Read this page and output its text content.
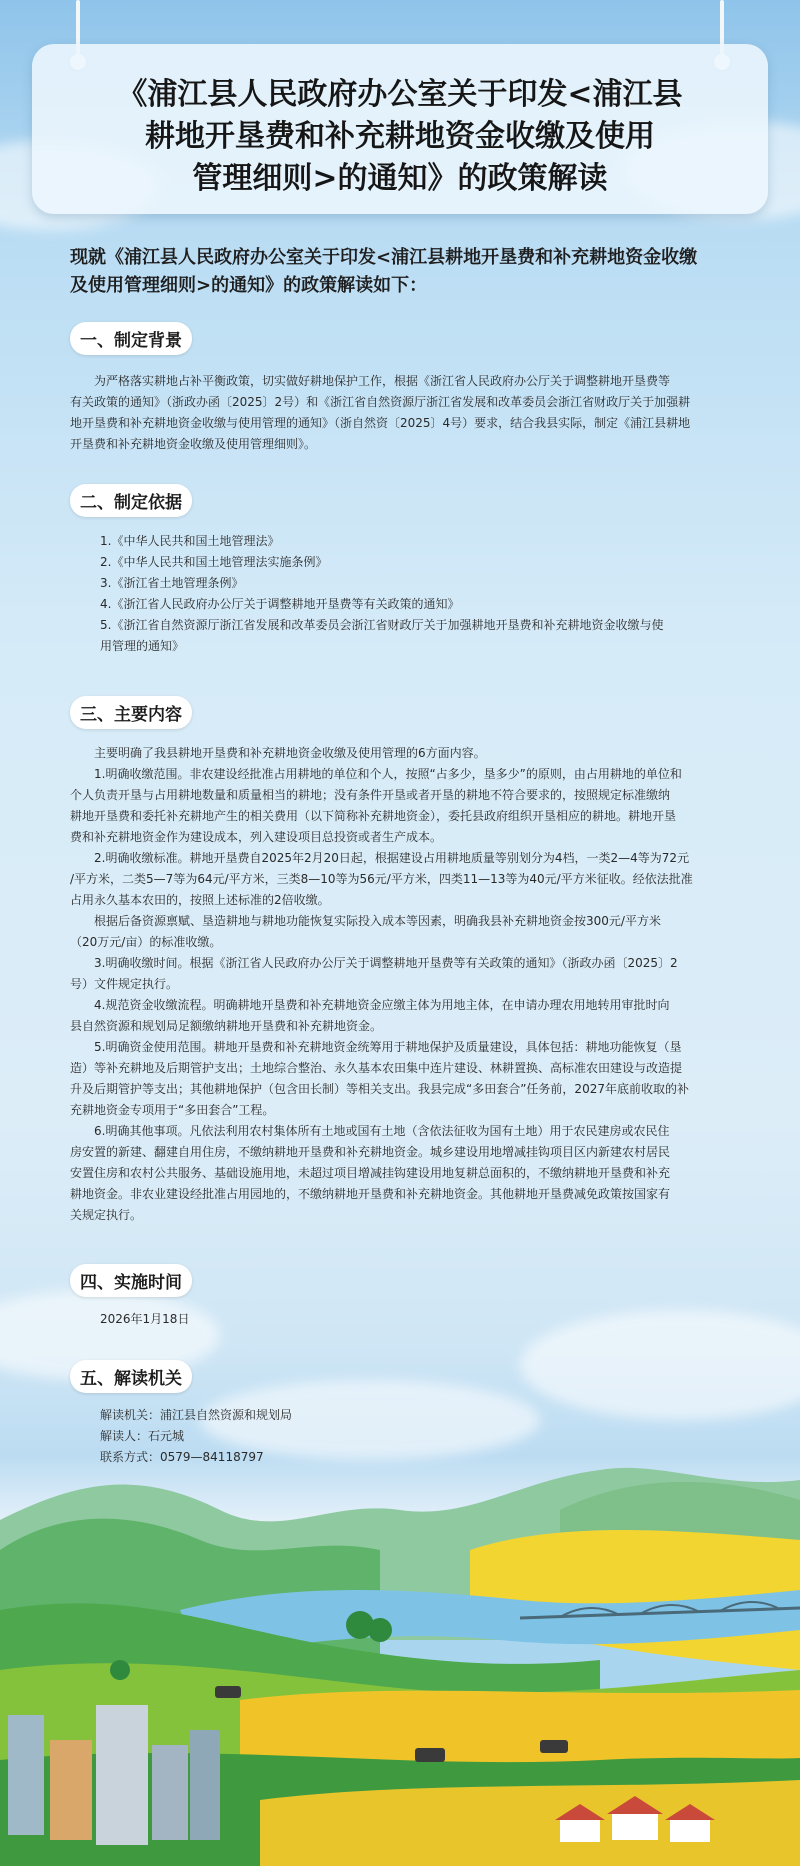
《浦江县人民政府办公室关于印发<浦江县
耕地开垦费和补充耕地资金收缴及使用
管理细则>的通知》的政策解读
现就《浦江县人民政府办公室关于印发<浦江县耕地开垦费和补充耕地资金收缴
及使用管理细则>的通知》的政策解读如下：
一、制定背景
为严格落实耕地占补平衡政策，切实做好耕地保护工作，根据《浙江省人民政府办公厅关于调整耕地开垦费等
有关政策的通知》（浙政办函〔2025〕2号）和《浙江省自然资源厅浙江省发展和改革委员会浙江省财政厅关于加强耕
地开垦费和补充耕地资金收缴与使用管理的通知》（浙自然资〔2025〕4号）要求，结合我县实际，制定《浦江县耕地
开垦费和补充耕地资金收缴及使用管理细则》。
二、制定依据
1.《中华人民共和国土地管理法》
2.《中华人民共和国土地管理法实施条例》
3.《浙江省土地管理条例》
4.《浙江省人民政府办公厅关于调整耕地开垦费等有关政策的通知》
5.《浙江省自然资源厅浙江省发展和改革委员会浙江省财政厅关于加强耕地开垦费和补充耕地资金收缴与使
用管理的通知》
三、主要内容
主要明确了我县耕地开垦费和补充耕地资金收缴及使用管理的6方面内容。
1.明确收缴范围。非农建设经批准占用耕地的单位和个人，按照“占多少，垦多少”的原则，由占用耕地的单位和
个人负责开垦与占用耕地数量和质量相当的耕地；没有条件开垦或者开垦的耕地不符合要求的，按照规定标准缴纳
耕地开垦费和委托补充耕地产生的相关费用（以下简称补充耕地资金），委托县政府组织开垦相应的耕地。耕地开垦
费和补充耕地资金作为建设成本，列入建设项目总投资或者生产成本。
2.明确收缴标准。耕地开垦费自2025年2月20日起，根据建设占用耕地质量等别划分为4档，一类2—4等为72元
/平方米，二类5—7等为64元/平方米，三类8—10等为56元/平方米，四类11—13等为40元/平方米征收。经依法批准
占用永久基本农田的，按照上述标准的2倍收缴。
根据后备资源禀赋、垦造耕地与耕地功能恢复实际投入成本等因素，明确我县补充耕地资金按300元/平方米
（20万元/亩）的标准收缴。
3.明确收缴时间。根据《浙江省人民政府办公厅关于调整耕地开垦费等有关政策的通知》（浙政办函〔2025〕2
号）文件规定执行。
4.规范资金收缴流程。明确耕地开垦费和补充耕地资金应缴主体为用地主体，在申请办理农用地转用审批时向
县自然资源和规划局足额缴纳耕地开垦费和补充耕地资金。
5.明确资金使用范围。耕地开垦费和补充耕地资金统筹用于耕地保护及质量建设，具体包括：耕地功能恢复（垦
造）等补充耕地及后期管护支出；土地综合整治、永久基本农田集中连片建设、林耕置换、高标准农田建设与改造提
升及后期管护等支出；其他耕地保护（包含田长制）等相关支出。我县完成“多田套合”任务前，2027年底前收取的补
充耕地资金专项用于“多田套合”工程。
6.明确其他事项。凡依法利用农村集体所有土地或国有土地（含依法征收为国有土地）用于农民建房或农民住
房安置的新建、翻建自用住房，不缴纳耕地开垦费和补充耕地资金。城乡建设用地增减挂钩项目区内新建农村居民
安置住房和农村公共服务、基础设施用地，未超过项目增减挂钩建设用地复耕总面积的，不缴纳耕地开垦费和补充
耕地资金。非农业建设经批准占用园地的，不缴纳耕地开垦费和补充耕地资金。其他耕地开垦费减免政策按国家有
关规定执行。
四、实施时间
2026年1月18日
五、解读机关
解读机关：浦江县自然资源和规划局
解读人：石元城
联系方式：0579—84118797
